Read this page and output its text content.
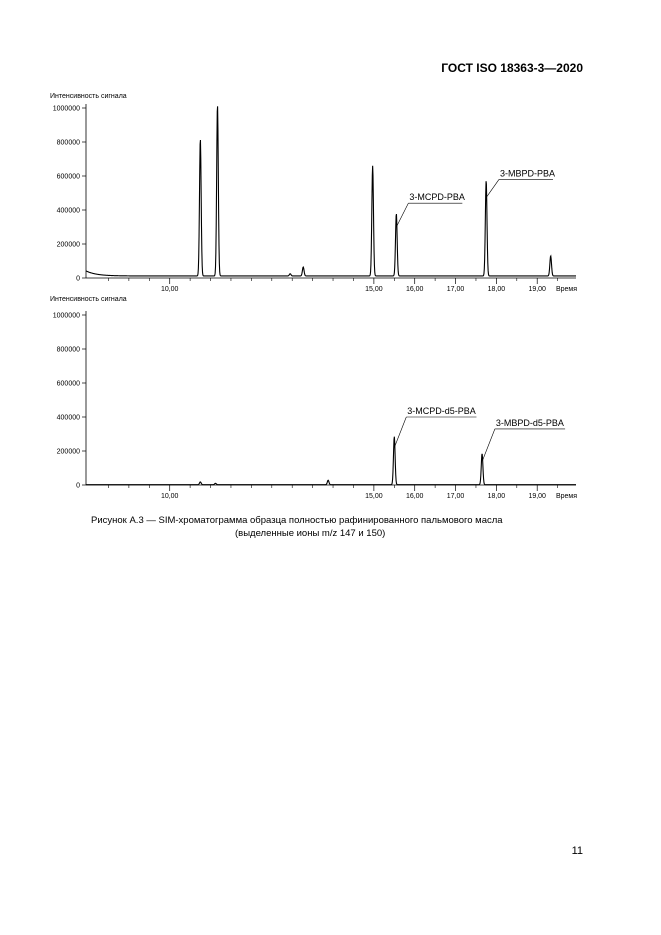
ГОСТ ISO 18363-3—2020
Интенсивность сигнала
0
200000
400000
600000
800000
1000000
10,00	15,00	16,00	17,00	18,00	19,00 Время
3-MCPD-PBA
3-MBPD-PBA
Интенсивность сигнала
0
200000
400000
600000
800000
1000000
10,00	15,00	16,00	17,00	18,00	19,00 Время
3-MCPD-d5-PBA
3-MBPD-d5-PBA
Рисунок А.3 — SIM-хроматограмма образца полностью рафинированного пальмового масла
(выделенные ионы m/z 147 и 150)
11
